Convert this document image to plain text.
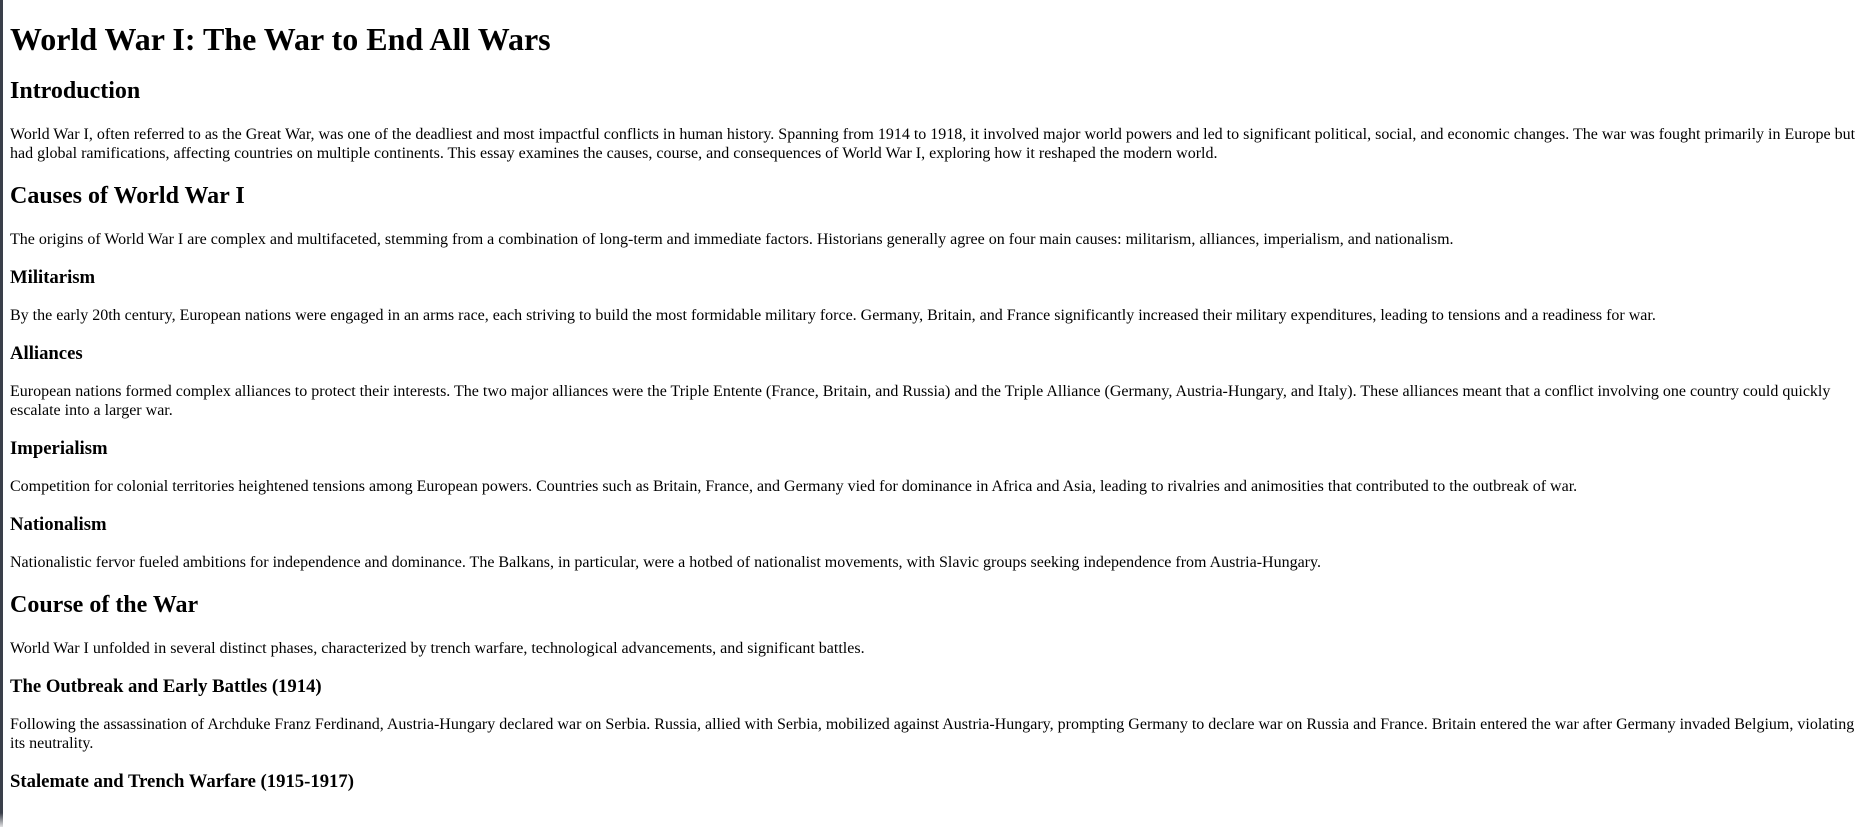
World War I: The War to End All Wars
Introduction

World War I, often referred to as the Great War, was one of the deadliest and most impactful conflicts in human history. Spanning from 1914 to 1918, it involved major world powers and led to significant political, social, and economic changes. The war was fought primarily in Europe but had global ramifications, affecting countries on multiple continents. This essay examines the causes, course, and consequences of World War I, exploring how it reshaped the modern world.

Causes of World War I

The origins of World War I are complex and multifaceted, stemming from a combination of long-term and immediate factors. Historians generally agree on four main causes: militarism, alliances, imperialism, and nationalism.

Militarism

By the early 20th century, European nations were engaged in an arms race, each striving to build the most formidable military force. Germany, Britain, and France significantly increased their military expenditures, leading to tensions and a readiness for war.

Alliances

European nations formed complex alliances to protect their interests. The two major alliances were the Triple Entente (France, Britain, and Russia) and the Triple Alliance (Germany, Austria-Hungary, and Italy). These alliances meant that a conflict involving one country could quickly escalate into a larger war.

Imperialism

Competition for colonial territories heightened tensions among European powers. Countries such as Britain, France, and Germany vied for dominance in Africa and Asia, leading to rivalries and animosities that contributed to the outbreak of war.

Nationalism

Nationalistic fervor fueled ambitions for independence and dominance. The Balkans, in particular, were a hotbed of nationalist movements, with Slavic groups seeking independence from Austria-Hungary.

Course of the War

World War I unfolded in several distinct phases, characterized by trench warfare, technological advancements, and significant battles.

The Outbreak and Early Battles (1914)

Following the assassination of Archduke Franz Ferdinand, Austria-Hungary declared war on Serbia. Russia, allied with Serbia, mobilized against Austria-Hungary, prompting Germany to declare war on Russia and France. Britain entered the war after Germany invaded Belgium, violating its neutrality.

Stalemate and Trench Warfare (1915-1917)
